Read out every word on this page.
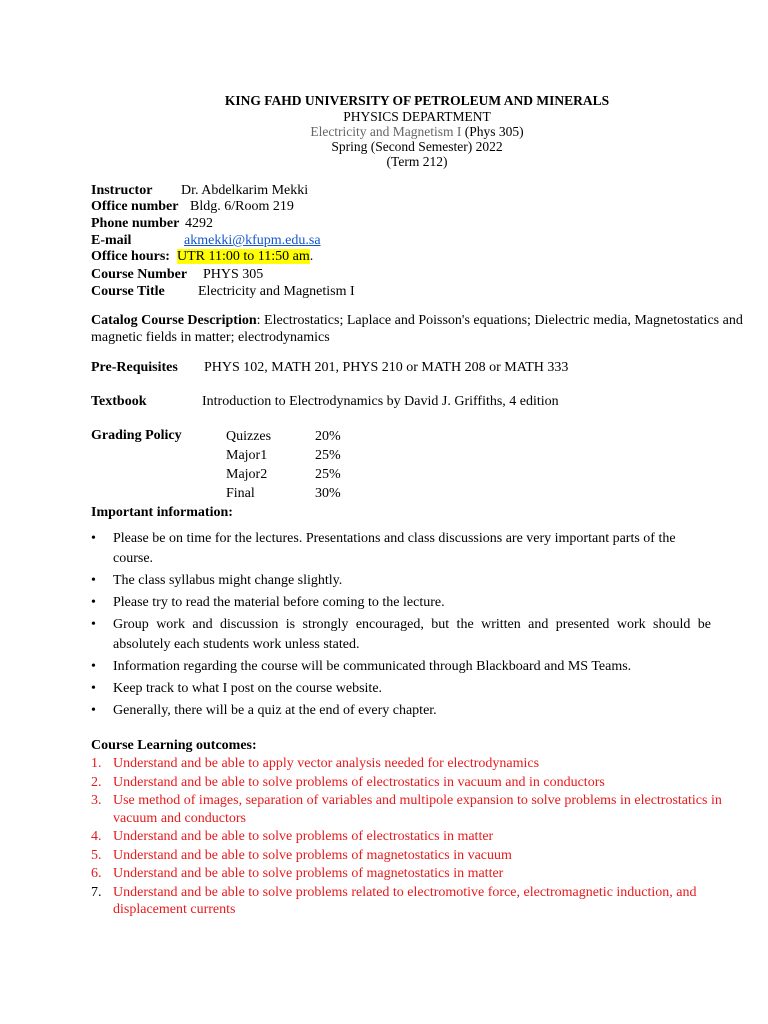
KING FAHD UNIVERSITY OF PETROLEUM AND MINERALS
PHYSICS DEPARTMENT
Electricity and Magnetism I (Phys 305)
Spring (Second Semester) 2022
(Term 212)
Instructor Dr. Abdelkarim Mekki
Office number Bldg. 6/Room 219
Phone number 4292
E-mail	akmekki@kfupm.edu.sa
Office hours: UTR 11:00 to 11:50 am.
Course Number PHYS 305
Course Title Electricity and Magnetism I
Catalog Course Description: Electrostatics; Laplace and Poisson's equations; Dielectric media, Magnetostatics and magnetic fields in matter; electrodynamics
Pre-Requisites PHYS 102, MATH 201, PHYS 210 or MATH 208 or MATH 333
Textbook	Introduction to Electrodynamics by David J. Griffiths, 4 edition
Grading Policy	Quizzes	20%
Major1	25%
Major2	25%
Final	30%
Important information:
• Please be on time for the lectures. Presentations and class discussions are very important parts of the course.
• The class syllabus might change slightly.
• Please try to read the material before coming to the lecture.
• Group work and discussion is strongly encouraged, but the written and presented work should be absolutely each students work unless stated.
• Information regarding the course will be communicated through Blackboard and MS Teams.
• Keep track to what I post on the course website.
• Generally, there will be a quiz at the end of every chapter.
Course Learning outcomes:
1. Understand and be able to apply vector analysis needed for electrodynamics
2. Understand and be able to solve problems of electrostatics in vacuum and in conductors
3. Use method of images, separation of variables and multipole expansion to solve problems in electrostatics in vacuum and conductors
4. Understand and be able to solve problems of electrostatics in matter
5. Understand and be able to solve problems of magnetostatics in vacuum
6. Understand and be able to solve problems of magnetostatics in matter
7. Understand and be able to solve problems related to electromotive force, electromagnetic induction, and displacement currents
